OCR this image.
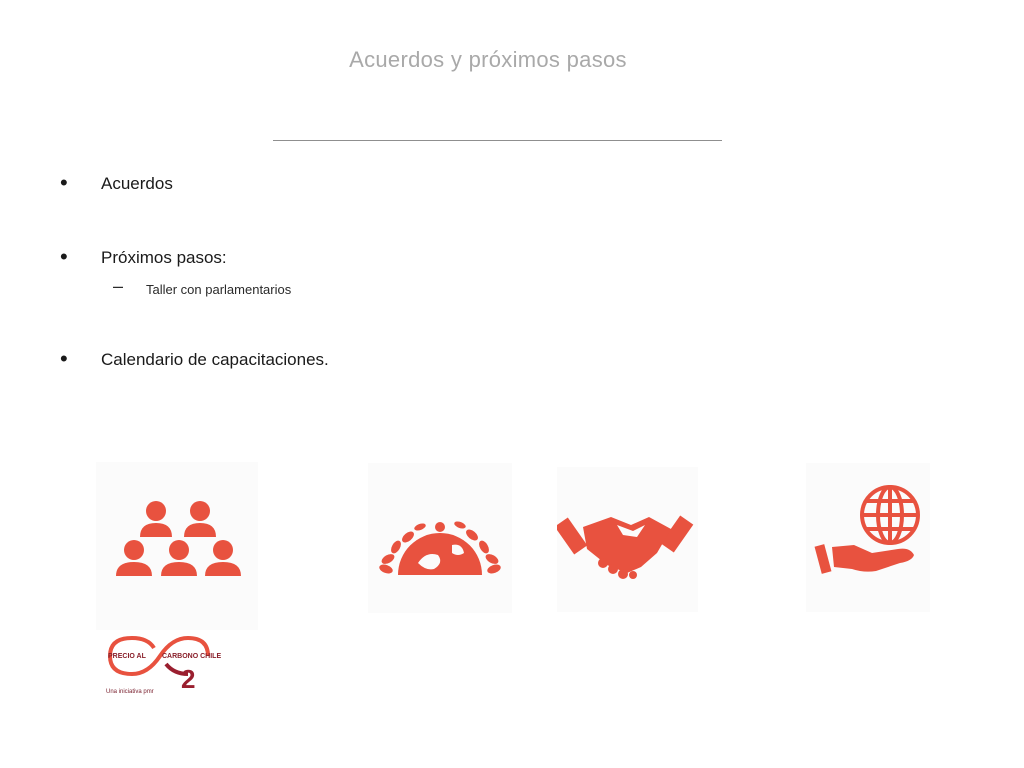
Acuerdos y próximos pasos
• Acuerdos
• Próximos pasos:
– Taller con parlamentarios
• Calendario de capacitaciones.
PRECIO AL CARBONO CHILE
2
Una iniciativa pmr
